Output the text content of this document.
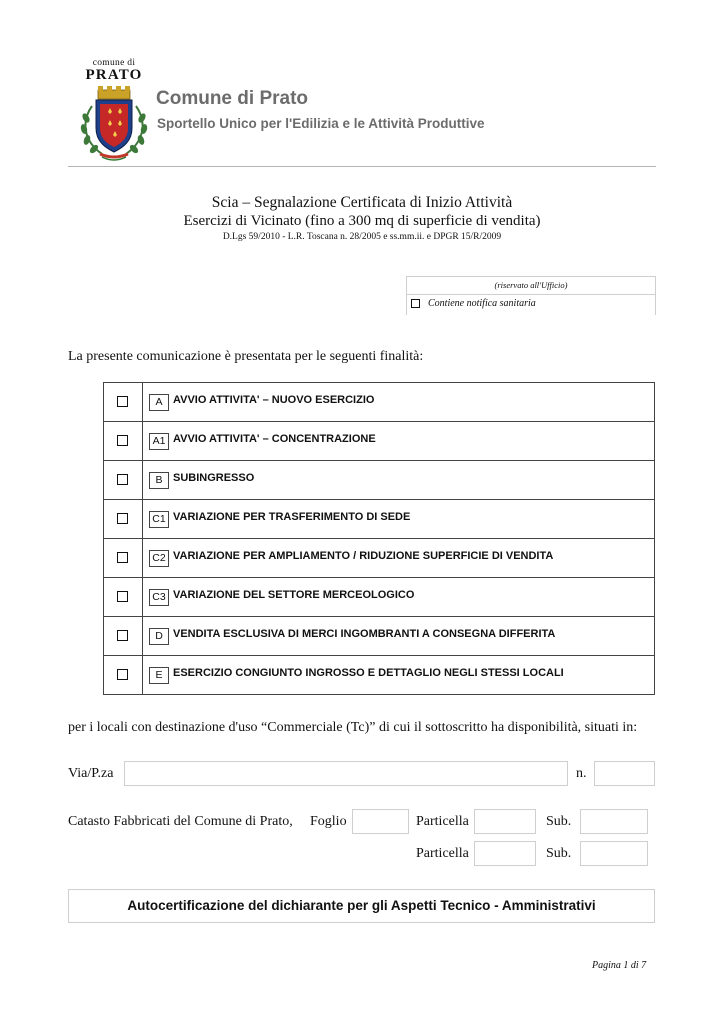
comune di
PRATO
Comune di Prato
Sportello Unico per l'Edilizia e le Attività Produttive
Scia – Segnalazione Certificata di Inizio Attività
Esercizi di Vicinato (fino a 300 mq di superficie di vendita)
D.Lgs 59/2010 - L.R. Toscana n. 28/2005 e ss.mm.ii. e DPGR 15/R/2009
(riservato all'Ufficio)
Contiene notifica sanitaria
La presente comunicazione è presentata per le seguenti finalità:
A AVVIO ATTIVITA' – NUOVO ESERCIZIO
A1 AVVIO ATTIVITA' – CONCENTRAZIONE
B SUBINGRESSO
C1 VARIAZIONE PER TRASFERIMENTO DI SEDE
C2 VARIAZIONE PER AMPLIAMENTO / RIDUZIONE SUPERFICIE DI VENDITA
C3 VARIAZIONE DEL SETTORE MERCEOLOGICO
D VENDITA ESCLUSIVA DI MERCI INGOMBRANTI A CONSEGNA DIFFERITA
E ESERCIZIO CONGIUNTO INGROSSO E DETTAGLIO NEGLI STESSI LOCALI
per i locali con destinazione d'uso “Commerciale (Tc)” di cui il sottoscritto ha disponibilità, situati in:
Via/P.za	n.
Catasto Fabbricati del Comune di Prato, Foglio	Particella	Sub.
Particella	Sub.
Autocertificazione del dichiarante per gli Aspetti Tecnico - Amministrativi
Pagina 1 di 7
